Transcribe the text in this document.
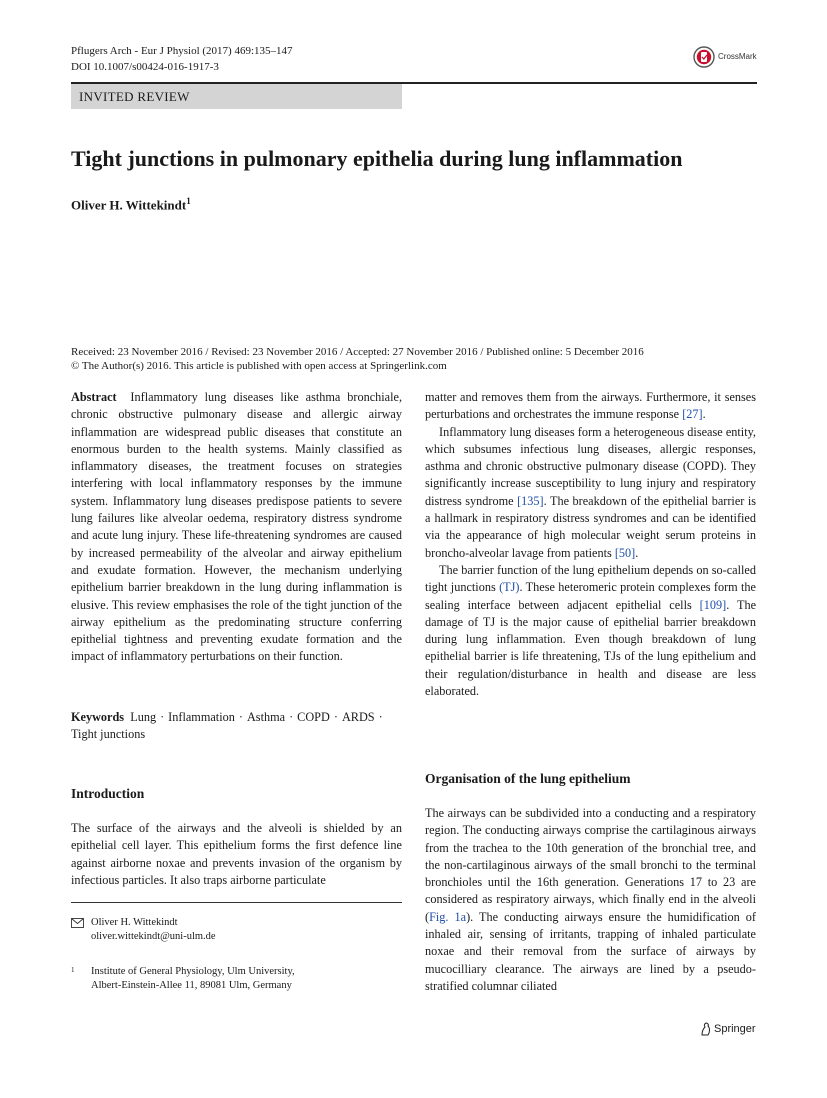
Pflugers Arch - Eur J Physiol (2017) 469:135–147
DOI 10.1007/s00424-016-1917-3
CrossMark
INVITED REVIEW
Tight junctions in pulmonary epithelia during lung inflammation
Oliver H. Wittekindt$^1$
Received: 23 November 2016 / Revised: 23 November 2016 / Accepted: 27 November 2016 / Published online: 5 December 2016
© The Author(s) 2016. This article is published with open access at Springerlink.com

Abstract Inflammatory lung diseases like asthma bronchiale, chronic obstructive pulmonary disease and allergic airway inflammation are widespread public diseases that constitute an enormous burden to the health systems. Mainly classified as inflammatory diseases, the treatment focuses on strategies interfering with local inflammatory responses by the immune system. Inflammatory lung diseases predispose patients to severe lung failures like alveolar oedema, respiratory distress syndrome and acute lung injury. These life-threatening syndromes are caused by increased permeability of the alveolar and airway epithelium and exudate formation. However, the mechanism underlying epithelium barrier breakdown in the lung during inflammation is elusive. This review emphasises the role of the tight junction of the airway epithelium as the predominating structure conferring epithelial tightness and preventing exudate formation and the impact of inflammatory perturbations on their function.

Keywords Lung · Inflammation · Asthma · COPD · ARDS ·
Tight junctions
Introduction

The surface of the airways and the alveoli is shielded by an epithelial cell layer. This epithelium forms the first defence line against airborne noxae and prevents invasion of the organism by infectious particles. It also traps airborne particulate

Oliver H. Wittekindt
oliver.wittekindt@uni-ulm.de
1 Institute of General Physiology, Ulm University,
Albert-Einstein-Allee 11, 89081 Ulm, Germany

matter and removes them from the airways. Furthermore, it senses perturbations and orchestrates the immune response [27].

Inflammatory lung diseases form a heterogeneous disease entity, which subsumes infectious lung diseases, allergic responses, asthma and chronic obstructive pulmonary disease (COPD). They significantly increase susceptibility to lung injury and respiratory distress syndrome [135]. The breakdown of the epithelial barrier is a hallmark in respiratory distress syndromes and can be identified via the appearance of high molecular weight serum proteins in broncho-alveolar lavage from patients [50].

The barrier function of the lung epithelium depends on so-called tight junctions (TJ). These heteromeric protein complexes form the sealing interface between adjacent epithelial cells [109]. The damage of TJ is the major cause of epithelial barrier breakdown during lung inflammation. Even though breakdown of lung epithelial barrier is life threatening, TJs of the lung epithelium and their regulation/disturbance in health and disease are less elaborated.

Organisation of the lung epithelium

The airways can be subdivided into a conducting and a respiratory region. The conducting airways comprise the cartilaginous airways from the trachea to the 10th generation of the bronchial tree, and the non-cartilaginous airways of the small bronchi to the terminal bronchioles until the 16th generation. Generations 17 to 23 are considered as respiratory airways, which finally end in the alveoli (Fig. 1a). The conducting airways ensure the humidification of inhaled air, sensing of irritants, trapping of inhaled particulate noxae and their removal from the surface of airways by mucocilliary clearance. The airways are lined by a pseudo-stratified columnar ciliated

Springer
